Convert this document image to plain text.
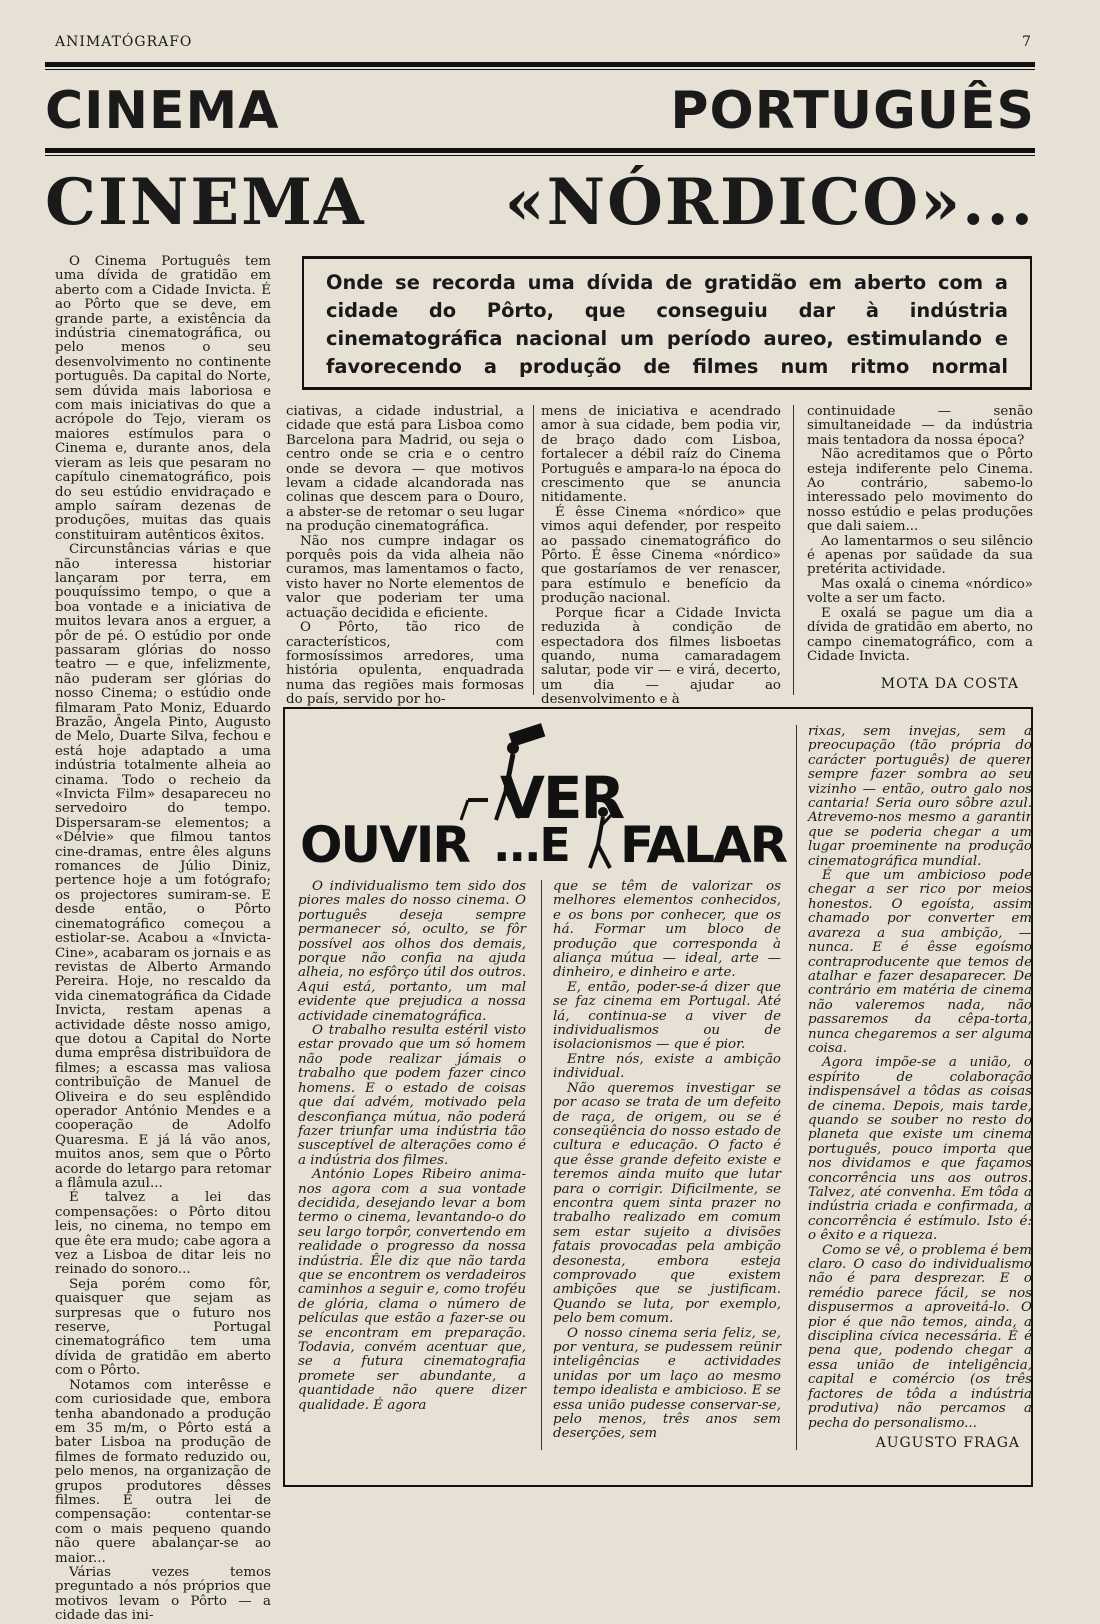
ANIMATÓGRAFO	7
CINEMA PORTUGUÊS
CINEMA «NÓRDICO»...

O Cinema Português tem uma dívida de gratidão em aberto com a Cidade Invicta. É ao Pôrto que se deve, em grande parte, a existência da indústria cinematográfica, ou pelo menos o seu desenvolvimento no continente português. Da capital do Norte, sem dúvida mais laboriosa e com mais iniciativas do que a acrópole do Tejo, vieram os maiores estímulos para o Cinema e, durante anos, dela vieram as leis que pesaram no capítulo cinematográfico, pois do seu estúdio envidraçado e amplo saíram dezenas de produções, muitas das quais constituiram autênticos êxitos.

Circunstâncias várias e que não interessa historiar lançaram por terra, em pouquíssimo tempo, o que a boa vontade e a iniciativa de muitos levara anos a erguer, a pôr de pé. O estúdio por onde passaram glórias do nosso teatro — e que, infelizmente, não puderam ser glórias do nosso Cinema; o estúdio onde filmaram Pato Moniz, Eduardo Brazão, Ângela Pinto, Augusto de Melo, Duarte Silva, fechou e está hoje adaptado a uma indústria totalmente alheia ao cinama. Todo o recheio da «Invicta Film» desapareceu no servedoiro do tempo. Dispersaram-se elementos; a «Délvie» que filmou tantos cine-dramas, entre êles alguns romances de Júlio Diniz, pertence hoje a um fotógrafo; os projectores sumiram-se. E desde então, o Pôrto cinematográfico começou a estiolar-se. Acabou a «Invicta-Cine», acabaram os jornais e as revistas de Alberto Armando Pereira. Hoje, no rescaldo da vida cinematográfica da Cidade Invicta, restam apenas a actividade dêste nosso amigo, que dotou a Capital do Norte duma emprêsa distribuïdora de filmes; a escassa mas valiosa contribuïção de Manuel de Oliveira e do seu esplêndido operador António Mendes e a cooperação de Adolfo Quaresma. E já lá vão anos, muitos anos, sem que o Pôrto acorde do letargo para retomar a flâmula azul...

É talvez a lei das compensações: o Pôrto ditou leis, no cinema, no tempo em que ête era mudo; cabe agora a vez a Lisboa de ditar leis no reinado do sonoro...

Seja porém como fôr, quaisquer que sejam as surpresas que o futuro nos reserve, Portugal cinematográfico tem uma dívida de gratidão em aberto com o Pôrto.

Notamos com interêsse e com curiosidade que, embora tenha abandonado a produção em 35 m/m, o Pôrto está a bater Lisboa na produção de filmes de formato reduzido ou, pelo menos, na organização de grupos produtores dêsses filmes. É outra lei de compensação: contentar-se com o mais pequeno quando não quere abalançar-se ao maior...

Várias vezes temos preguntado a nós próprios que motivos levam o Pôrto — a cidade das ini-

Onde se recorda uma dívida de gratidão em aberto com a cidade do Pôrto, que conseguiu dar à indústria cinematográfica nacional um período aureo, estimulando e favorecendo a produção de filmes num ritmo normal

ciativas, a cidade industrial, a cidade que está para Lisboa como Barcelona para Madrid, ou seja o centro onde se cria e o centro onde se devora — que motivos levam a cidade alcandorada nas colinas que descem para o Douro, a abster-se de retomar o seu lugar na produção cinematográfica.

Não nos cumpre indagar os porquês pois da vida alheia não curamos, mas lamentamos o facto, visto haver no Norte elementos de valor que poderiam ter uma actuação decidida e eficiente.

O Pôrto, tão rico de característicos, com formosíssimos arredores, uma história opulenta, enquadrada numa das regiões mais formosas do país, servido por ho-

mens de iniciativa e acendrado amor à sua cidade, bem podia vir, de braço dado com Lisboa, fortalecer a débil raíz do Cinema Português e ampara-lo na época do crescimento que se anuncia nitidamente.

É êsse Cinema «nórdico» que vimos aqui defender, por respeito ao passado cinematográfico do Pôrto. É êsse Cinema «nórdico» que gostaríamos de ver renascer, para estímulo e benefício da produção nacional.

Porque ficar a Cidade Invicta reduzida à condição de espectadora dos filmes lisboetas quando, numa camaradagem salutar, pode vir — e virá, decerto, um dia — ajudar ao desenvolvimento e à

continuidade — senão simultaneidade — da indústria mais tentadora da nossa época?

Não acreditamos que o Pôrto esteja indiferente pelo Cinema. Ao contrário, sabemo-lo interessado pelo movimento do nosso estúdio e pelas produções que dali saiem...

Ao lamentarmos o seu silêncio é apenas por saüdade da sua pretérita actividade.

Mas oxalá o cinema «nórdico» volte a ser um facto.

E oxalá se pague um dia a dívida de gratidão em aberto, no campo cinematográfico, com a Cidade Invicta.

MOTA DA COSTA
VER
OUVIR ...E FALAR

O individualismo tem sido dos piores males do nosso cinema. O português deseja sempre permanecer só, oculto, se fôr possível aos olhos dos demais, porque não confia na ajuda alheia, no esfôrço útil dos outros. Aqui está, portanto, um mal evidente que prejudica a nossa actividade cinematográfica.

O trabalho resulta estéril visto estar provado que um só homem não pode realizar jámais o trabalho que podem fazer cinco homens. E o estado de coisas que daí advém, motivado pela desconfiança mútua, não poderá fazer triunfar uma indústria tão susceptível de alterações como é a indústria dos filmes.

António Lopes Ribeiro anima-nos agora com a sua vontade decidida, desejando levar a bom termo o cinema, levantando-o do seu largo torpôr, convertendo em realidade o progresso da nossa indústria. Êle diz que não tarda que se encontrem os verdadeiros caminhos a seguir e, como troféu de glória, clama o número de películas que estão a fazer-se ou se encontram em preparação. Todavia, convém acentuar que, se a futura cinematografia promete ser abundante, a quantidade não quere dizer qualidade. É agora

que se têm de valorizar os melhores elementos conhecidos, e os bons por conhecer, que os há. Formar um bloco de produção que corresponda à aliança mútua — ideal, arte — dinheiro, e dinheiro e arte.

E, então, poder-se-á dizer que se faz cinema em Portugal. Até lá, continua-se a viver de individualismos ou de isolacionismos — que é pior.

Entre nós, existe a ambição individual.

Não queremos investigar se por acaso se trata de um defeito de raça, de origem, ou se é conseqüência do nosso estado de cultura e educação. O facto é que êsse grande defeito existe e teremos ainda muito que lutar para o corrigir. Dificilmente, se encontra quem sinta prazer no trabalho realizado em comum sem estar sujeito a divisões fatais provocadas pela ambição desonesta, embora esteja comprovado que existem ambições que se justificam. Quando se luta, por exemplo, pelo bem comum.

O nosso cinema seria feliz, se, por ventura, se pudessem reünir inteligências e actividades unidas por um laço ao mesmo tempo idealista e ambicioso. E se essa união pudesse conservar-se, pelo menos, três anos sem deserções, sem

rixas, sem invejas, sem a preocupação (tão própria do carácter português) de querer sempre fazer sombra ao seu vizinho — então, outro galo nos cantaria! Seria ouro sôbre azul. Atrevemo-nos mesmo a garantir que se poderia chegar a um lugar proeminente na produção cinematográfica mundial.

É que um ambicioso pode chegar a ser rico por meios honestos. O egoísta, assim chamado por converter em avareza a sua ambição, — nunca. E é êsse egoísmo contraproducente que temos de atalhar e fazer desaparecer. De contrário em matéria de cinema não valeremos nada, não passaremos da cêpa-torta, nunca chegaremos a ser alguma coisa.

Agora impõe-se a união, o espírito de colaboração indispensável a tôdas as coisas de cinema. Depois, mais tarde, quando se souber no resto do planeta que existe um cinema português, pouco importa que nos dividamos e que façamos concorrência uns aos outros. Talvez, até convenha. Em tôda a indústria criada e confirmada, a concorrência é estímulo. Isto é: o êxito e a riqueza.

Como se vê, o problema é bem claro. O caso do individualismo não é para desprezar. E o remédio parece fácil, se nos dispusermos a aproveitá-lo. O pior é que não temos, ainda, a disciplina cívica necessária. É é pena que, podendo chegar a essa união de inteligência, capital e comércio (os três factores de tôda a indústria produtiva) não percamos a pecha do personalismo...

AUGUSTO FRAGA
